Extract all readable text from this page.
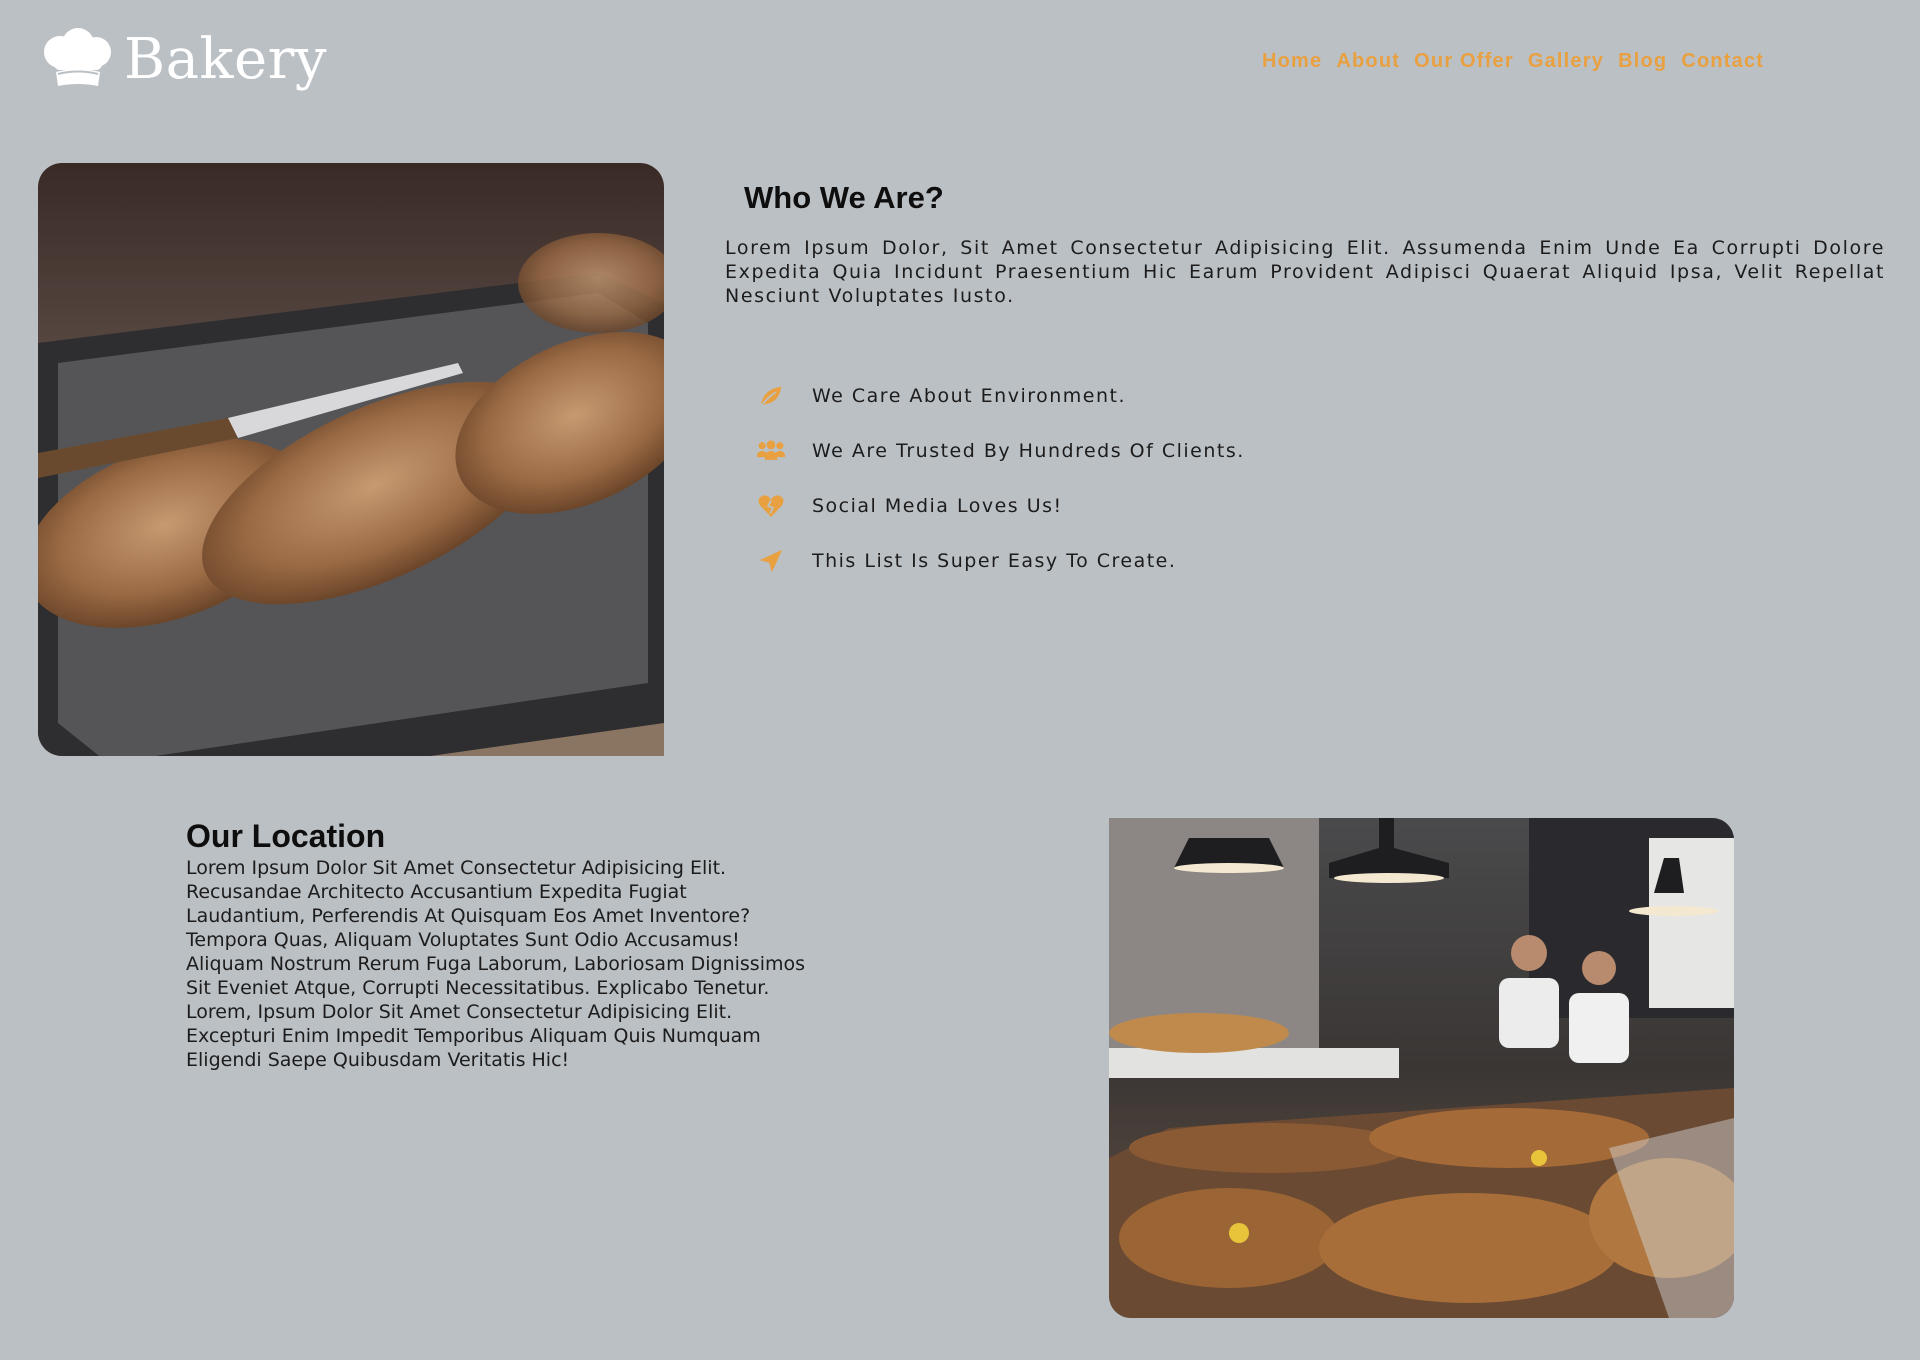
Bakery	Home About Our Offer Gallery Blog Contact
Who We Are?

Lorem Ipsum Dolor, Sit Amet Consectetur Adipisicing Elit. Assumenda Enim Unde Ea Corrupti Dolore Expedita Quia Incidunt Praesentium Hic Earum Provident Adipisci Quaerat Aliquid Ipsa, Velit Repellat Nesciunt Voluptates Iusto.

We Care About Environment.
We Are Trusted By Hundreds Of Clients.
Social Media Loves Us!
This List Is Super Easy To Create.
Our Location

Lorem Ipsum Dolor Sit Amet Consectetur Adipisicing Elit. Recusandae Architecto Accusantium Expedita Fugiat Laudantium, Perferendis At Quisquam Eos Amet Inventore? Tempora Quas, Aliquam Voluptates Sunt Odio Accusamus! Aliquam Nostrum Rerum Fuga Laborum, Laboriosam Dignissimos Sit Eveniet Atque, Corrupti Necessitatibus. Explicabo Tenetur. Lorem, Ipsum Dolor Sit Amet Consectetur Adipisicing Elit. Excepturi Enim Impedit Temporibus Aliquam Quis Numquam Eligendi Saepe Quibusdam Veritatis Hic!
